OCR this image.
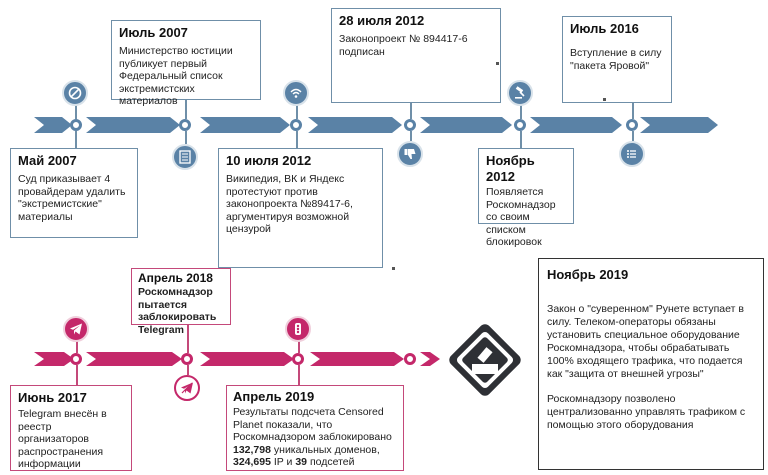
Май 2007
Суд приказывает 4 провайдерам удалить "экстремистские" материалы
Июль 2007
Министерство юстиции публикует первый Федеральный список экстремистских материалов
10 июля 2012
Википедия, ВК и Яндекс протестуют против законопроекта №89417-6, аргументируя возможной цензурой
28 июля 2012
Законопроект № 894417-6 подписан
Ноябрь 2012
Появляется Роскомнадзор со своим списком блокировок
Июль 2016
Вступление в силу "пакета Яровой"
Июнь 2017
Telegram внесён в реестр организаторов распространения информации
Апрель 2018
Роскомнадзор пытается заблокировать Telegram
Апрель 2019
Результаты подсчета Censored Planet показали, что Роскомнадзором заблокировано 132,798 уникальных доменов, 324,695 IP и 39 подсетей
Ноябрь 2019
Закон о "суверенном" Рунете вступает в силу. Телеком-операторы обязаны установить специальное оборудование Роскомнадзора, чтобы обрабатывать 100% входящего трафика, что подается как "защита от внешней угрозы"
Роскомнадзору позволено централизованно управлять трафиком с помощью этого оборудования
